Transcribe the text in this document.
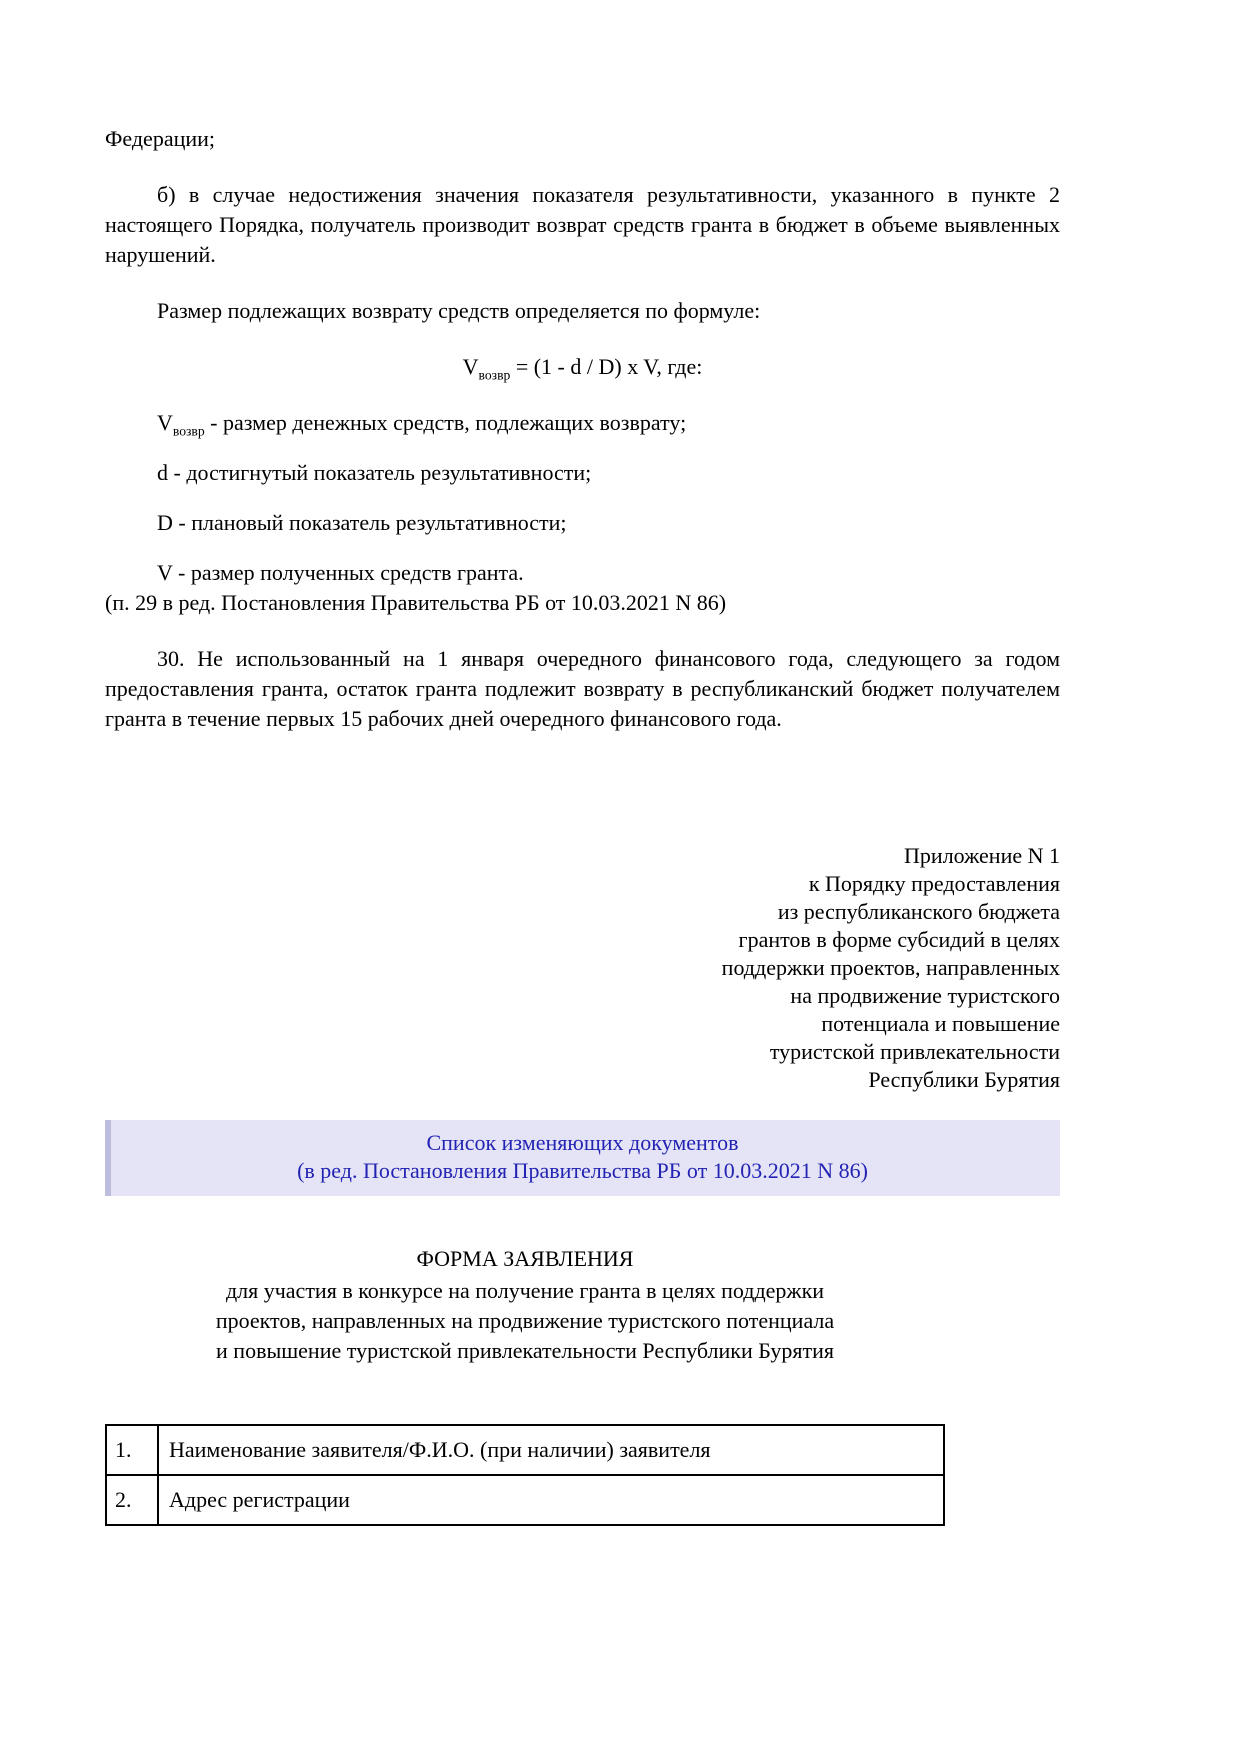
Федерации;

б) в случае недостижения значения показателя результативности, указанного в пункте 2 настоящего Порядка, получатель производит возврат средств гранта в бюджет в объеме выявленных нарушений.

Размер подлежащих возврату средств определяется по формуле:

$V_{возвр} = (1 - d / D)$ x V, где:

$V_{возвр}$ - размер денежных средств, подлежащих возврату;

d - достигнутый показатель результативности;

D - плановый показатель результативности;

V - размер полученных средств гранта.

(п. 29 в ред. Постановления Правительства РБ от 10.03.2021 N 86)

30. Не использованный на 1 января очередного финансового года, следующего за годом предоставления гранта, остаток гранта подлежит возврату в республиканский бюджет получателем гранта в течение первых 15 рабочих дней очередного финансового года.

Приложение N 1
к Порядку предоставления
из республиканского бюджета
грантов в форме субсидий в целях
поддержки проектов, направленных
на продвижение туристского
потенциала и повышение
туристской привлекательности
Республики Бурятия
Список изменяющих документов
(в ред. Постановления Правительства РБ от 10.03.2021 N 86)
ФОРМА ЗАЯВЛЕНИЯ
для участия в конкурсе на получение гранта в целях поддержки
проектов, направленных на продвижение туристского потенциала
и повышение туристской привлекательности Республики Бурятия
1.	Наименование заявителя/Ф.И.О. (при наличии) заявителя
2.	Адрес регистрации
